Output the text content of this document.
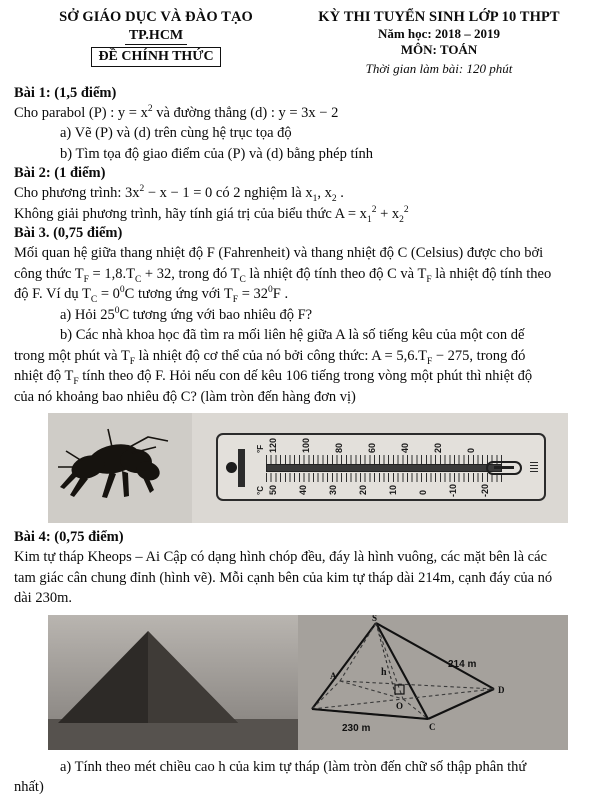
SỞ GIÁO DỤC VÀ ĐÀO TẠO
TP.HCM
ĐỀ CHÍNH THỨC
KỲ THI TUYỂN SINH LỚP 10 THPT
Năm học: 2018 – 2019
MÔN: TOÁN
Thời gian làm bài: 120 phút
Bài 1: (1,5 điểm)
Cho parabol (P) : $y = x^2$ và đường thẳng (d) : y = 3x − 2
a) Vẽ (P) và (d) trên cùng hệ trục tọa độ
b) Tìm tọa độ giao điểm của (P) và (d) bằng phép tính
Bài 2: (1 điểm)
Cho phương trình: $3x^2 - x - 1 = 0$ có 2 nghiệm là $x_1$, $x_2$ .
Không giải phương trình, hãy tính giá trị của biểu thức $A = x_1^2 + x_2^2$
Bài 3. (0,75 điểm)
Mối quan hệ giữa thang nhiệt độ F (Fahrenheit) và thang nhiệt độ C (Celsius) được cho bởi
công thức $T_F = 1,8.T_C + 32$, trong đó $T_C$ là nhiệt độ tính theo độ C và $T_F$ là nhiệt độ tính theo
độ F. Ví dụ $T_C = 0^0C$ tương ứng với $T_F = 32^0F$ .
a) Hỏi $25^0C$ tương ứng với bao nhiêu độ F?
b) Các nhà khoa học đã tìm ra mối liên hệ giữa A là số tiếng kêu của một con dế
trong một phút và $T_F$ là nhiệt độ cơ thể của nó bởi công thức: $A = 5,6.T_F - 275$, trong đó
nhiệt độ $T_F$ tính theo độ F. Hỏi nếu con dế kêu 106 tiếng trong vòng một phút thì nhiệt độ
của nó khoảng bao nhiêu độ C? (làm tròn đến hàng đơn vị)
°F 120	100	80	60	40	20	0
°C 50 40 30 20 10 0 -10 -20
Bài 4: (0,75 điểm)
Kim tự tháp Kheops – Ai Cập có dạng hình chóp đều, đáy là hình vuông, các mặt bên là các
tam giác cân chung đỉnh (hình vẽ). Mỗi cạnh bên của kim tự tháp dài 214m, cạnh đáy của nó
dài 230m.
S
A
D
C
O
h
214 m
230 m
a) Tính theo mét chiều cao h của kim tự tháp (làm tròn đến chữ số thập phân thứ
nhất)
